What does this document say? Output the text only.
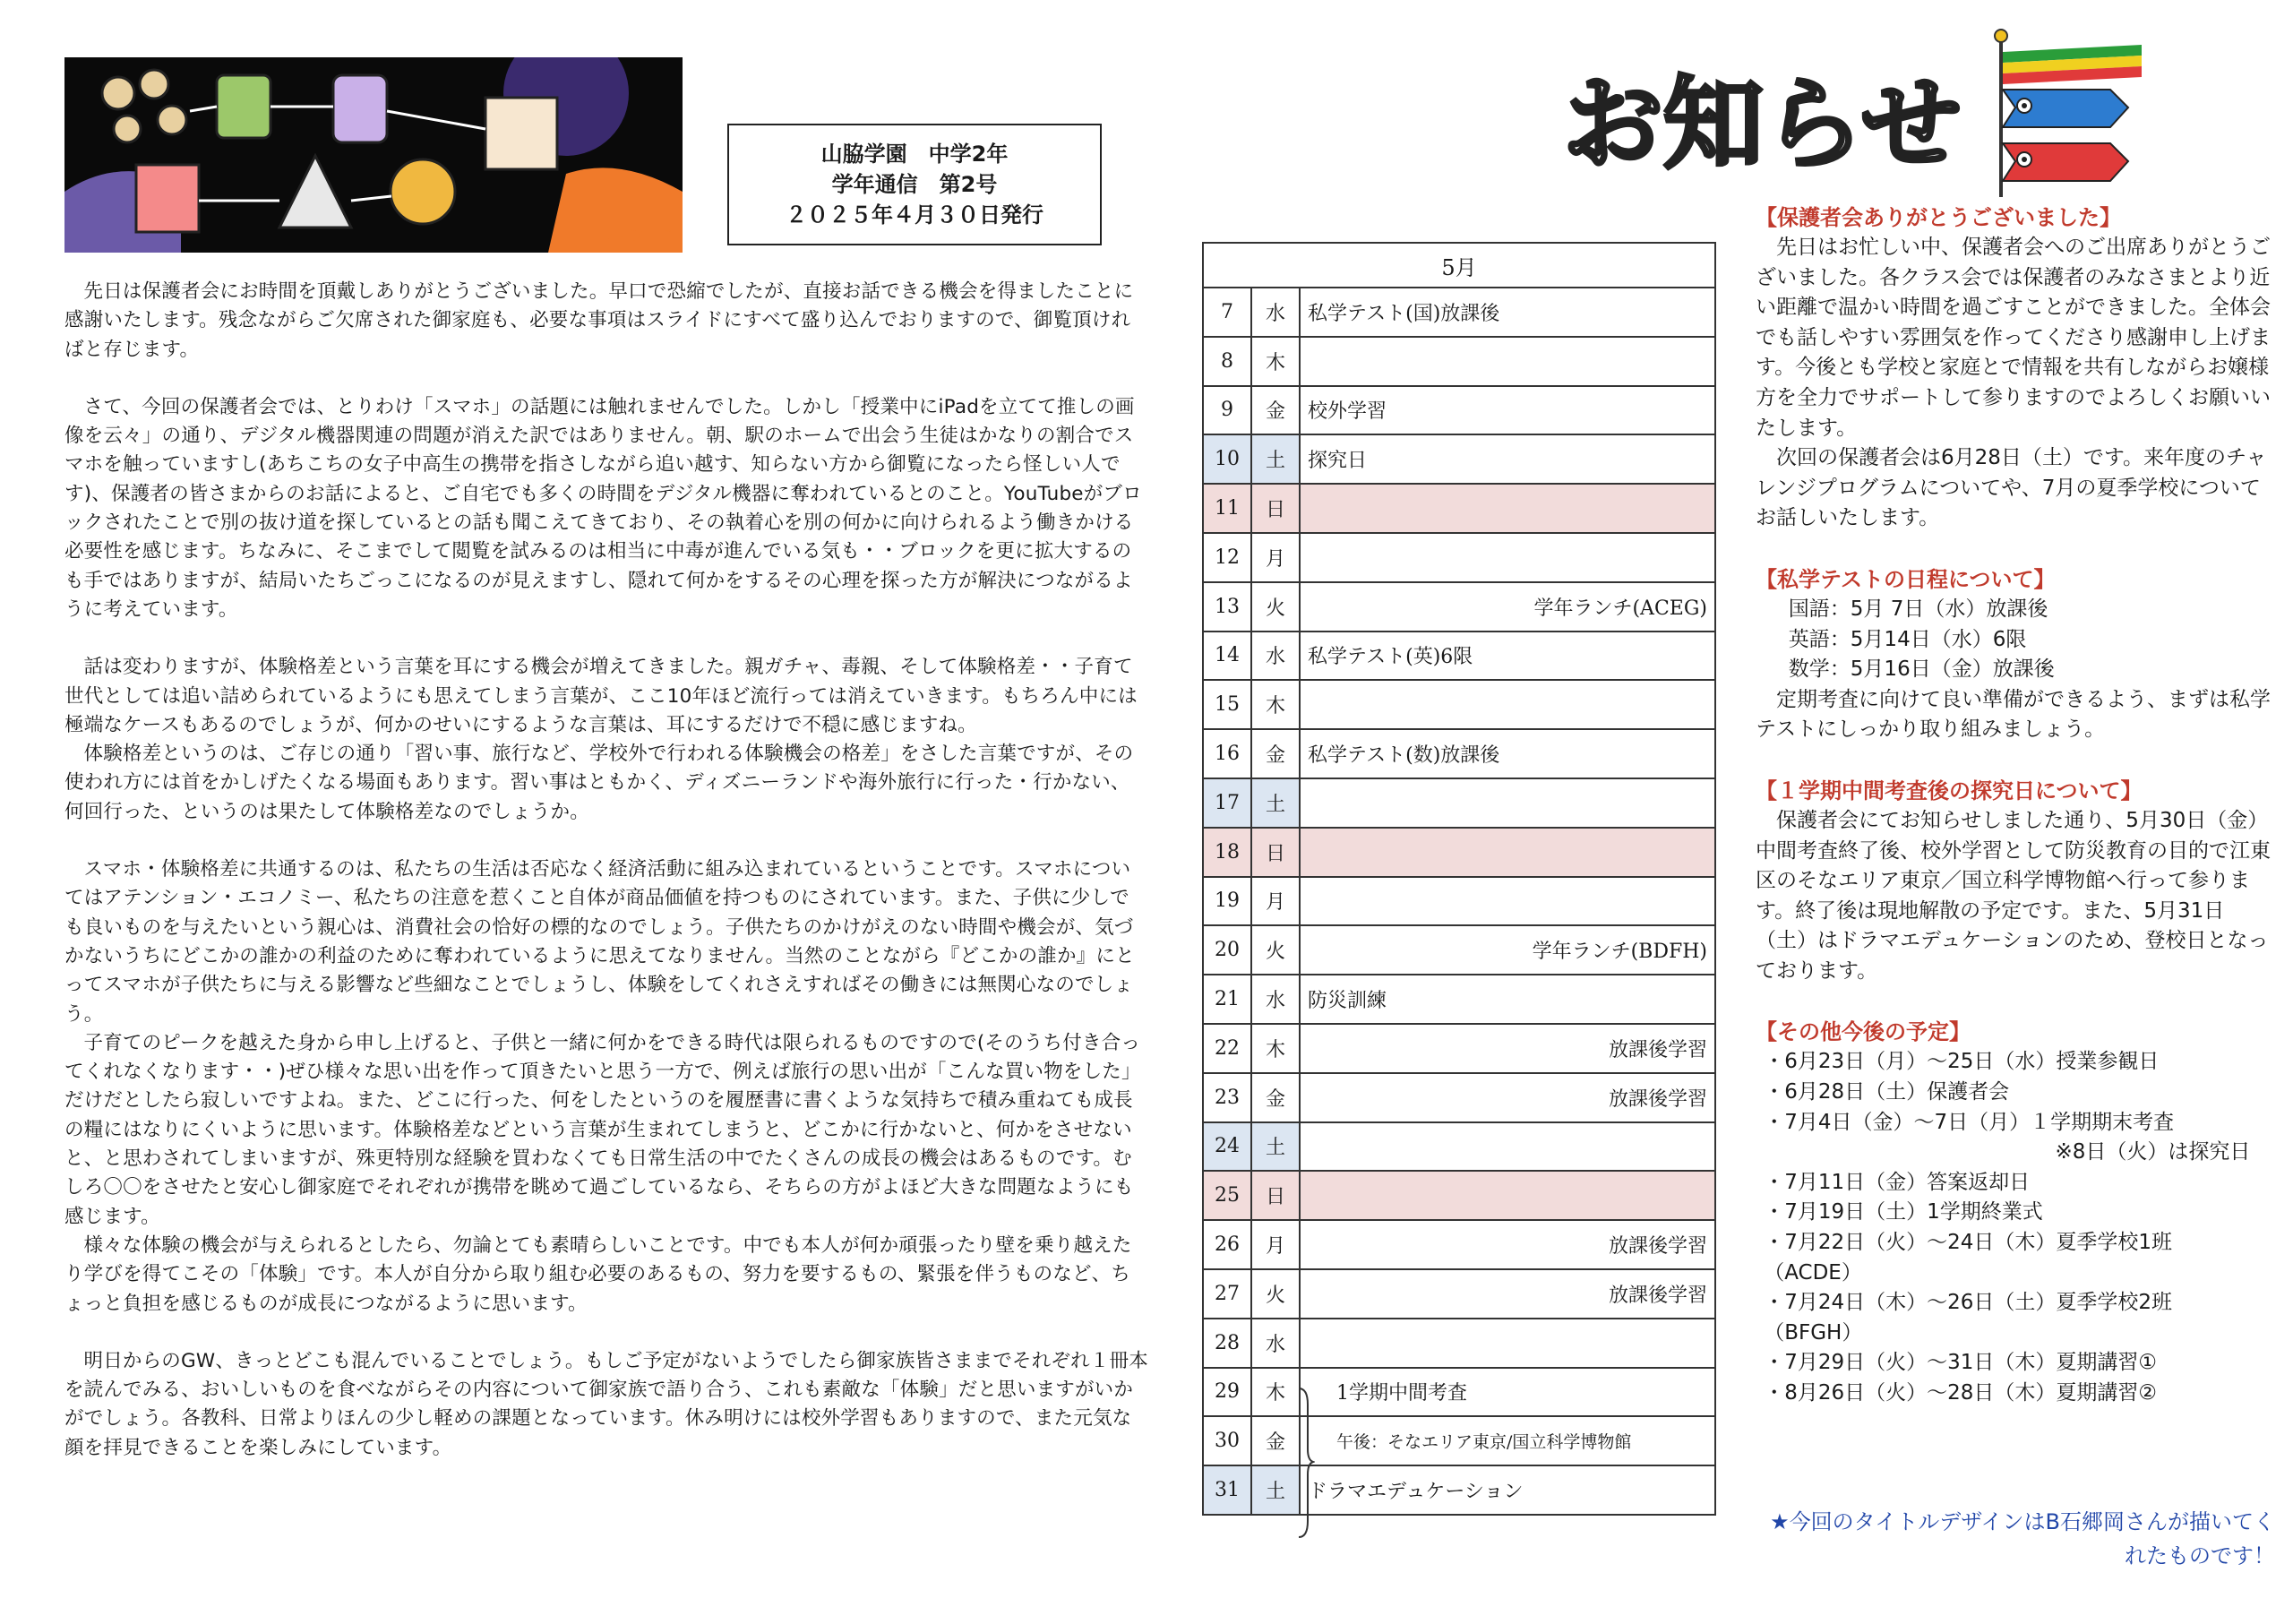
フィワード
山脇学園　中学2年
学年通信　第2号
２０２５年４月３０日発行

先日は保護者会にお時間を頂戴しありがとうございました。早口で恐縮でしたが、直接お話できる機会を得ましたことに感謝いたします。残念ながらご欠席された御家庭も、必要な事項はスライドにすべて盛り込んでおりますので、御覧頂ければと存じます。

さて、今回の保護者会では、とりわけ「スマホ」の話題には触れませんでした。しかし「授業中にiPadを立てて推しの画像を云々」の通り、デジタル機器関連の問題が消えた訳ではありません。朝、駅のホームで出会う生徒はかなりの割合でスマホを触っていますし(あちこちの女子中高生の携帯を指さしながら追い越す、知らない方から御覧になったら怪しい人です)、保護者の皆さまからのお話によると、ご自宅でも多くの時間をデジタル機器に奪われているとのこと。YouTubeがブロックされたことで別の抜け道を探しているとの話も聞こえてきており、その執着心を別の何かに向けられるよう働きかける必要性を感じます。ちなみに、そこまでして閲覧を試みるのは相当に中毒が進んでいる気も・・ブロックを更に拡大するのも手ではありますが、結局いたちごっこになるのが見えますし、隠れて何かをするその心理を探った方が解決につながるように考えています。

話は変わりますが、体験格差という言葉を耳にする機会が増えてきました。親ガチャ、毒親、そして体験格差・・子育て世代としては追い詰められているようにも思えてしまう言葉が、ここ10年ほど流行っては消えていきます。もちろん中には極端なケースもあるのでしょうが、何かのせいにするような言葉は、耳にするだけで不穏に感じますね。

体験格差というのは、ご存じの通り「習い事、旅行など、学校外で行われる体験機会の格差」をさした言葉ですが、その使われ方には首をかしげたくなる場面もあります。習い事はともかく、ディズニーランドや海外旅行に行った・行かない、何回行った、というのは果たして体験格差なのでしょうか。

スマホ・体験格差に共通するのは、私たちの生活は否応なく経済活動に組み込まれているということです。スマホについてはアテンション・エコノミー、私たちの注意を惹くこと自体が商品価値を持つものにされています。また、子供に少しでも良いものを与えたいという親心は、消費社会の恰好の標的なのでしょう。子供たちのかけがえのない時間や機会が、気づかないうちにどこかの誰かの利益のために奪われているように思えてなりません。当然のことながら『どこかの誰か』にとってスマホが子供たちに与える影響など些細なことでしょうし、体験をしてくれさえすればその働きには無関心なのでしょう。

子育てのピークを越えた身から申し上げると、子供と一緒に何かをできる時代は限られるものですので(そのうち付き合ってくれなくなります・・)ぜひ様々な思い出を作って頂きたいと思う一方で、例えば旅行の思い出が「こんな買い物をした」だけだとしたら寂しいですよね。また、どこに行った、何をしたというのを履歴書に書くような気持ちで積み重ねても成長の糧にはなりにくいように思います。体験格差などという言葉が生まれてしまうと、どこかに行かないと、何かをさせないと、と思わされてしまいますが、殊更特別な経験を買わなくても日常生活の中でたくさんの成長の機会はあるものです。むしろ〇〇をさせたと安心し御家庭でそれぞれが携帯を眺めて過ごしているなら、そちらの方がよほど大きな問題なようにも感じます。

様々な体験の機会が与えられるとしたら、勿論とても素晴らしいことです。中でも本人が何か頑張ったり壁を乗り越えたり学びを得てこその「体験」です。本人が自分から取り組む必要のあるもの、努力を要するもの、緊張を伴うものなど、ちょっと負担を感じるものが成長につながるように思います。

明日からのGW、きっとどこも混んでいることでしょう。もしご予定がないようでしたら御家族皆さままでそれぞれ１冊本を読んでみる、おいしいものを食べながらその内容について御家族で語り合う、これも素敵な「体験」だと思いますがいかがでしょう。各教科、日常よりほんの少し軽めの課題となっています。休み明けには校外学習もありますので、また元気な顔を拝見できることを楽しみにしています。

5月		
7	水	私学テスト(国)放課後
8	木	
9	金	校外学習
10	土	探究日
11	日	
12	月	
13	火	学年ランチ(ACEG)
14	水	私学テスト(英)6限
15	木	
16	金	私学テスト(数)放課後
17	土	
18	日	
19	月	
20	火	学年ランチ(BDFH)
21	水	防災訓練
22	木	放課後学習
23	金	放課後学習
24	土	
25	日	
26	月	放課後学習
27	火	放課後学習
28	水	
29	木	1学期中間考査
30	金	午後：そなエリア東京/国立科学博物館
31	土	ドラマエデュケーション
お知らせ
【保護者会ありがとうございました】

先日はお忙しい中、保護者会へのご出席ありがとうございました。各クラス会では保護者のみなさまとより近い距離で温かい時間を過ごすことができました。全体会でも話しやすい雰囲気を作ってくださり感謝申し上げます。今後とも学校と家庭とで情報を共有しながらお嬢様方を全力でサポートして参りますのでよろしくお願いいたします。

次回の保護者会は6月28日（土）です。来年度のチャレンジプログラムについてや、7月の夏季学校についてお話しいたします。

【私学テストの日程について】
国語：5月 7日（水）放課後
英語：5月14日（水）6限
数学：5月16日（金）放課後

定期考査に向けて良い準備ができるよう、まずは私学テストにしっかり取り組みましょう。

【１学期中間考査後の探究日について】

保護者会にてお知らせしました通り、5月30日（金）中間考査終了後、校外学習として防災教育の目的で江東区のそなエリア東京／国立科学博物館へ行って参ります。終了後は現地解散の予定です。また、5月31日（土）はドラマエデュケーションのため、登校日となっております。

【その他今後の予定】
・6月23日（月）～25日（水）授業参観日
・6月28日（土）保護者会
・7月4日（金）～7日（月）１学期期末考査
※8日（火）は探究日
・7月11日（金）答案返却日
・7月19日（土）1学期終業式
・7月22日（火）～24日（木）夏季学校1班
（ACDE）
・7月24日（木）～26日（土）夏季学校2班
（BFGH）
・7月29日（火）～31日（木）夏期講習①
・8月26日（火）～28日（木）夏期講習②
★今回のタイトルデザインはB石郷岡さんが描いてくれたものです！
